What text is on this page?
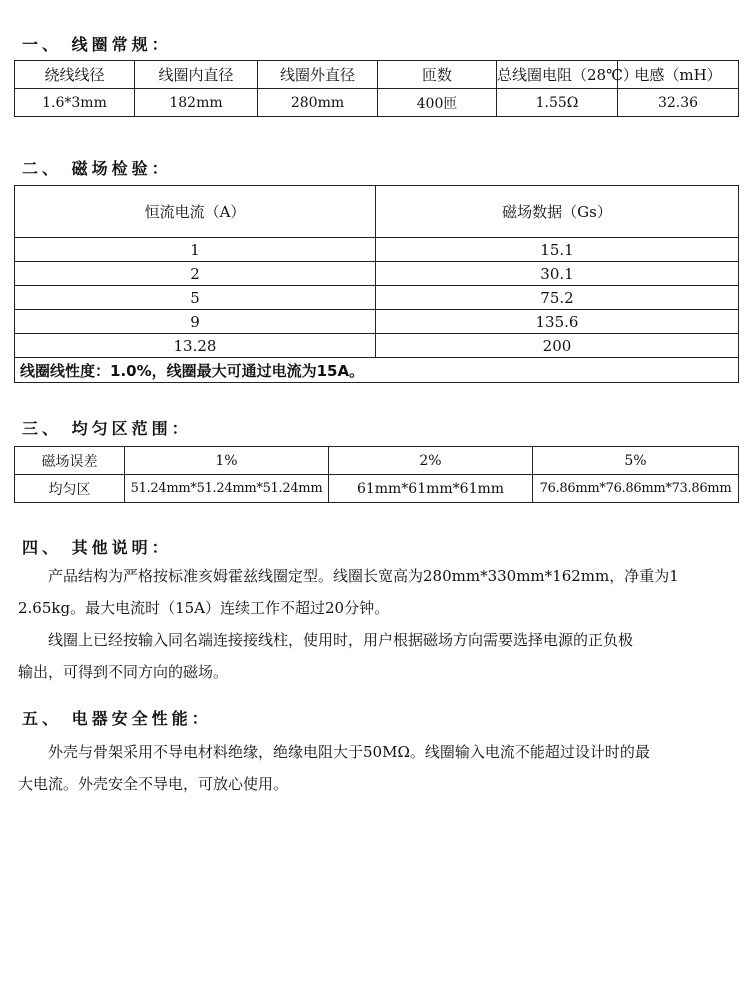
一、 线圈常规：
绕线线径	线圈内直径	线圈外直径	匝数	总线圈电阻（28℃）	电感（mH）
1.6*3mm	182mm	280mm	400匝	1.55Ω	32.36
二、 磁场检验：
恒流电流（A）	磁场数据（Gs）
1	15.1
2	30.1
5	75.2
9	135.6
13.28	200
线圈线性度：1.0%，线圈最大可通过电流为15A。	
三、 均匀区范围：
磁场误差	1%	2%	5%
均匀区	51.24mm*51.24mm*51.24mm	61mm*61mm*61mm	76.86mm*76.86mm*73.86mm
四、 其他说明：
产品结构为严格按标准亥姆霍兹线圈定型。线圈长宽高为280mm*330mm*162mm，净重为1
2.65kg。最大电流时（15A）连续工作不超过20分钟。
线圈上已经按输入同名端连接接线柱，使用时，用户根据磁场方向需要选择电源的正负极
输出，可得到不同方向的磁场。
五、 电器安全性能：
外壳与骨架采用不导电材料绝缘，绝缘电阻大于50MΩ。线圈输入电流不能超过设计时的最
大电流。外壳安全不导电，可放心使用。
